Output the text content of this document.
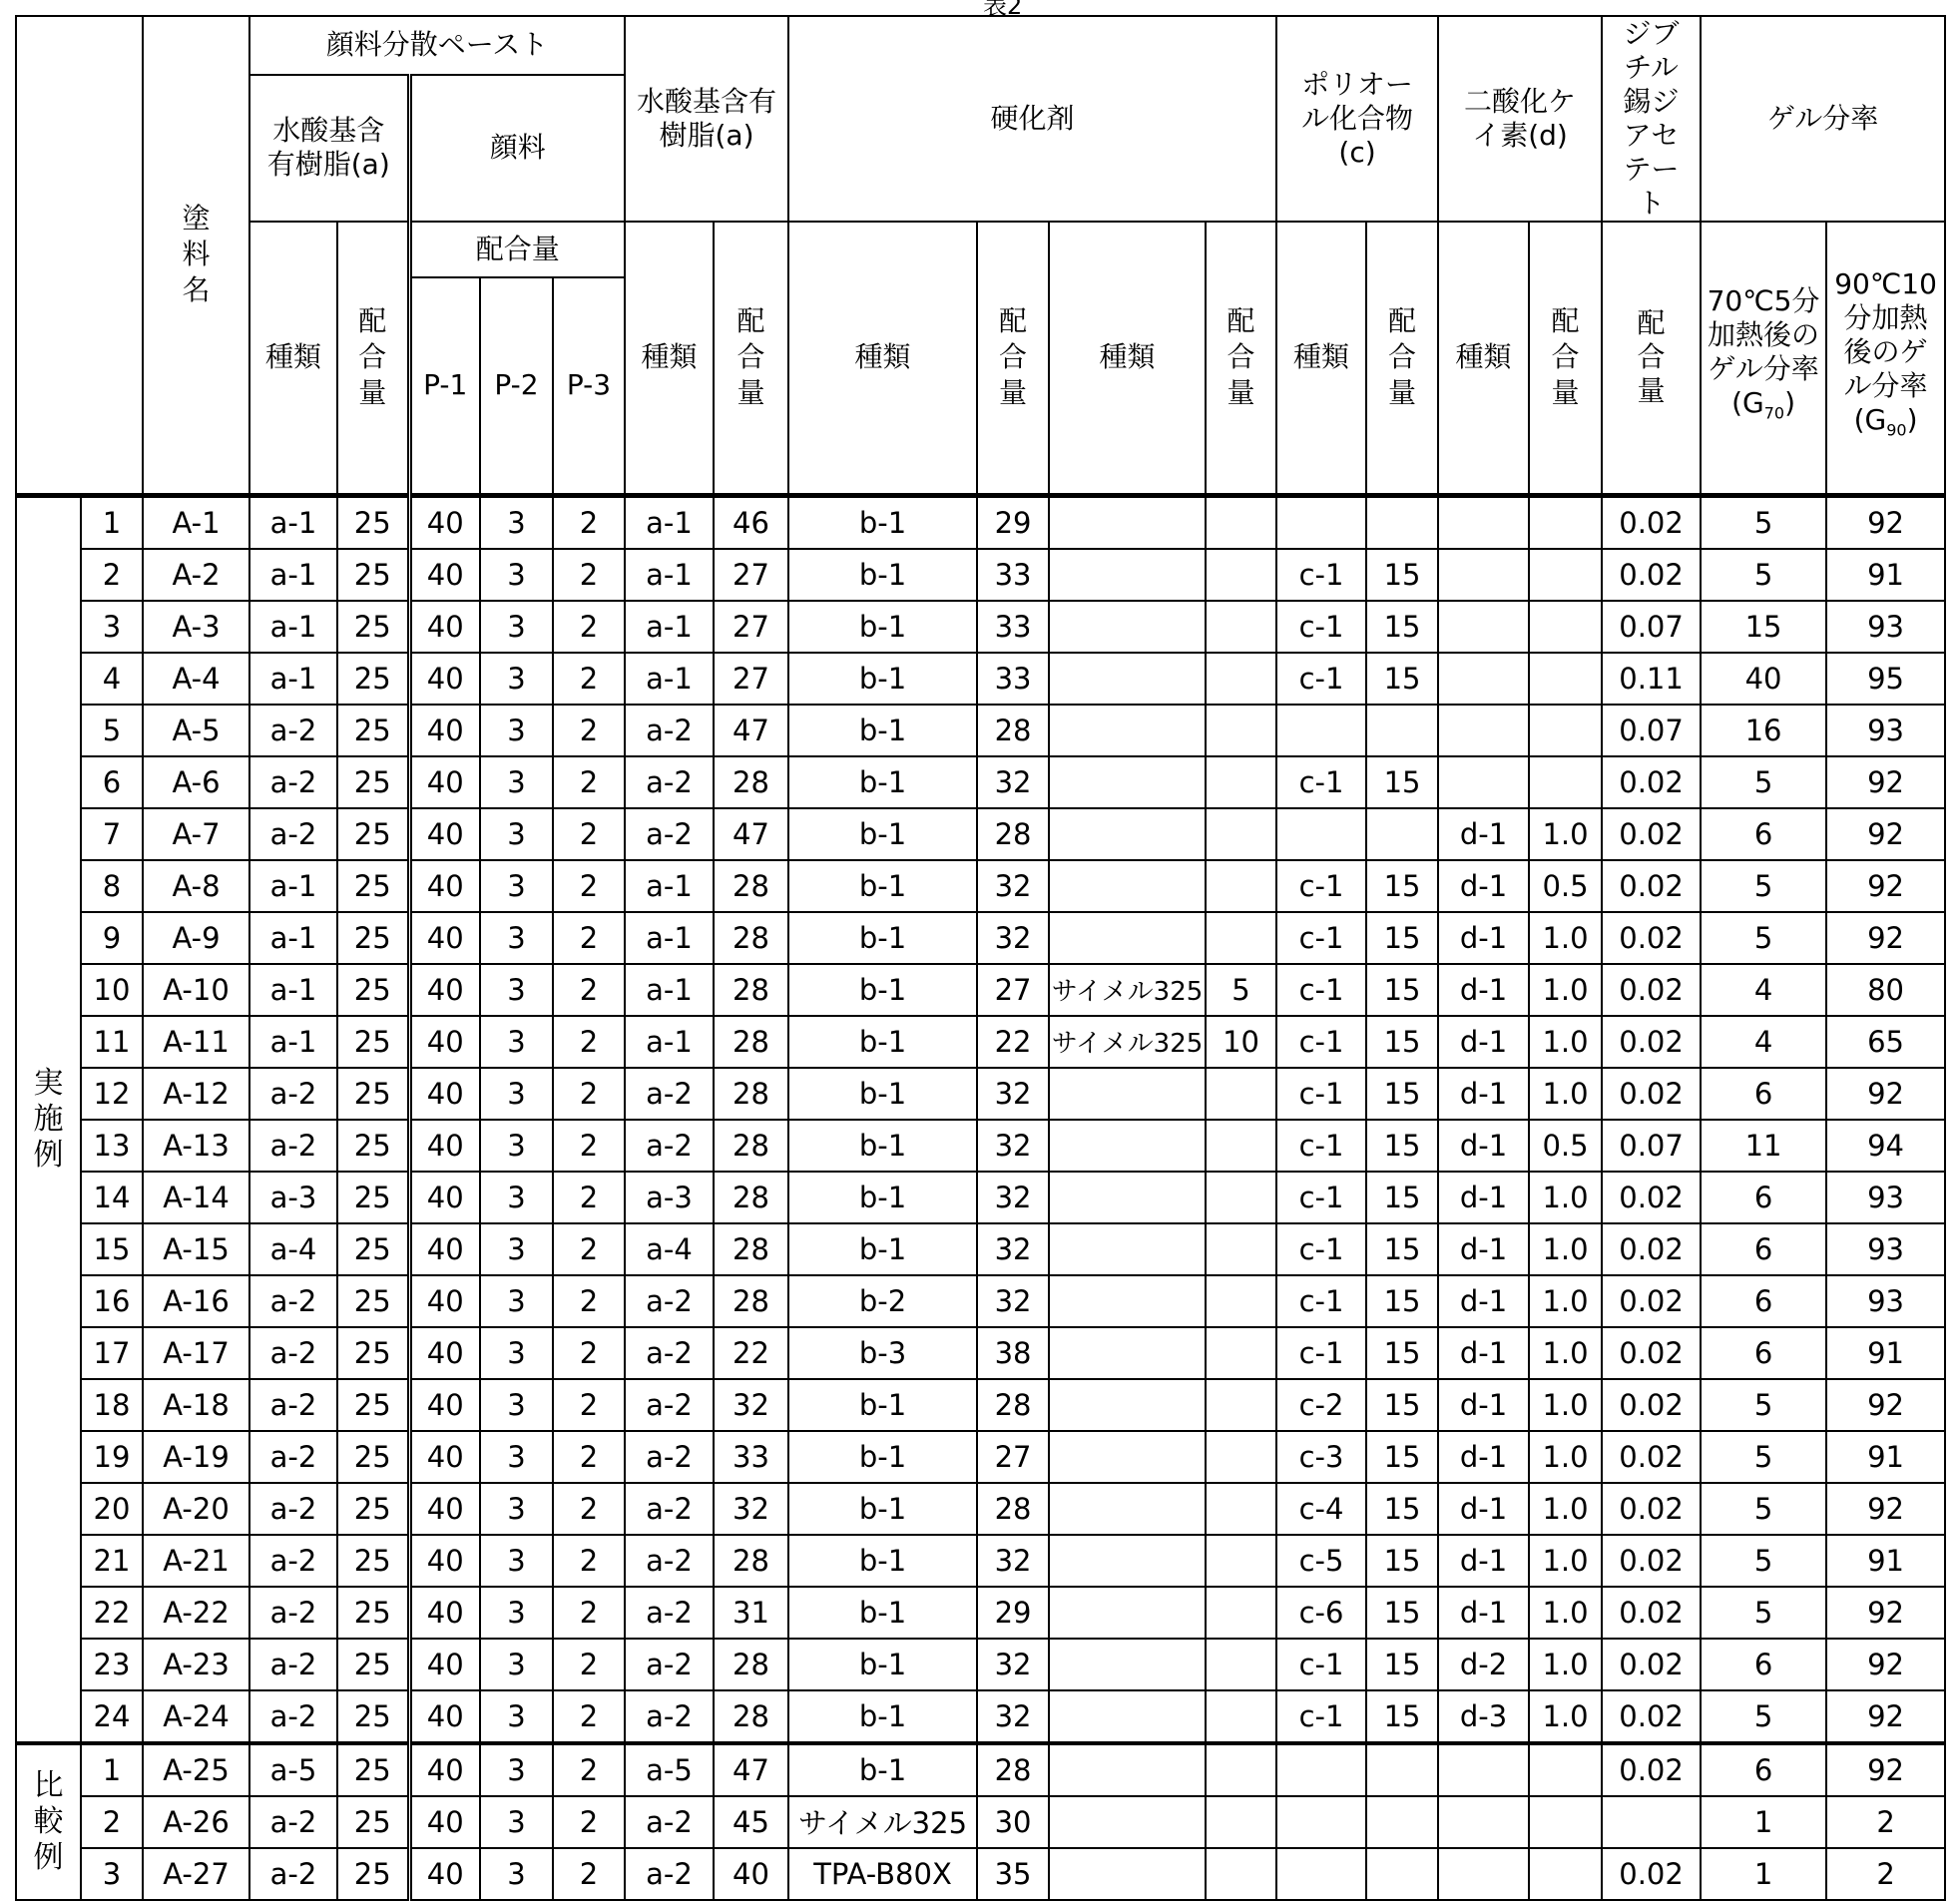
表2

塗料名
	顔料分散ペースト	水酸基含有樹脂(a)	硬化剤	ポリオール化合物(c)	二酸化ケイ素(d)	ジブチル錫ジアセテート	ゲル分率
水酸基含有樹脂(a)	顔料
種類	
配合量
	配合量	種類	
配合量
	種類	
配合量
	種類	
配合量
	種類	
配合量
	種類	
配合量
	配合量	70℃5分加熱後のゲル分率
(G70)	90℃10分加熱後のゲル分率
(G90)
P-1	P-2	P-3

実施例
	1	A-1	a-1	25	40	3	2	a-1	46	b-1	29							0.02	5	92
2	A-2	a-1	25	40	3	2	a-1	27	b-1	33			c-1	15			0.02	5	91
3	A-3	a-1	25	40	3	2	a-1	27	b-1	33			c-1	15			0.07	15	93
4	A-4	a-1	25	40	3	2	a-1	27	b-1	33			c-1	15			0.11	40	95
5	A-5	a-2	25	40	3	2	a-2	47	b-1	28							0.07	16	93
6	A-6	a-2	25	40	3	2	a-2	28	b-1	32			c-1	15			0.02	5	92
7	A-7	a-2	25	40	3	2	a-2	47	b-1	28					d-1	1.0	0.02	6	92
8	A-8	a-1	25	40	3	2	a-1	28	b-1	32			c-1	15	d-1	0.5	0.02	5	92
9	A-9	a-1	25	40	3	2	a-1	28	b-1	32			c-1	15	d-1	1.0	0.02	5	92
10	A-10	a-1	25	40	3	2	a-1	28	b-1	27	サイメル325	5	c-1	15	d-1	1.0	0.02	4	80
11	A-11	a-1	25	40	3	2	a-1	28	b-1	22	サイメル325	10	c-1	15	d-1	1.0	0.02	4	65
12	A-12	a-2	25	40	3	2	a-2	28	b-1	32			c-1	15	d-1	1.0	0.02	6	92
13	A-13	a-2	25	40	3	2	a-2	28	b-1	32			c-1	15	d-1	0.5	0.07	11	94
14	A-14	a-3	25	40	3	2	a-3	28	b-1	32			c-1	15	d-1	1.0	0.02	6	93
15	A-15	a-4	25	40	3	2	a-4	28	b-1	32			c-1	15	d-1	1.0	0.02	6	93
16	A-16	a-2	25	40	3	2	a-2	28	b-2	32			c-1	15	d-1	1.0	0.02	6	93
17	A-17	a-2	25	40	3	2	a-2	22	b-3	38			c-1	15	d-1	1.0	0.02	6	91
18	A-18	a-2	25	40	3	2	a-2	32	b-1	28			c-2	15	d-1	1.0	0.02	5	92
19	A-19	a-2	25	40	3	2	a-2	33	b-1	27			c-3	15	d-1	1.0	0.02	5	91
20	A-20	a-2	25	40	3	2	a-2	32	b-1	28			c-4	15	d-1	1.0	0.02	5	92
21	A-21	a-2	25	40	3	2	a-2	28	b-1	32			c-5	15	d-1	1.0	0.02	5	91
22	A-22	a-2	25	40	3	2	a-2	31	b-1	29			c-6	15	d-1	1.0	0.02	5	92
23	A-23	a-2	25	40	3	2	a-2	28	b-1	32			c-1	15	d-2	1.0	0.02	6	92
24	A-24	a-2	25	40	3	2	a-2	28	b-1	32			c-1	15	d-3	1.0	0.02	5	92

比較例
	1	A-25	a-5	25	40	3	2	a-5	47	b-1	28							0.02	6	92
2	A-26	a-2	25	40	3	2	a-2	45	サイメル325	30								1	2
3	A-27	a-2	25	40	3	2	a-2	40	TPA-B80X	35							0.02	1	2
